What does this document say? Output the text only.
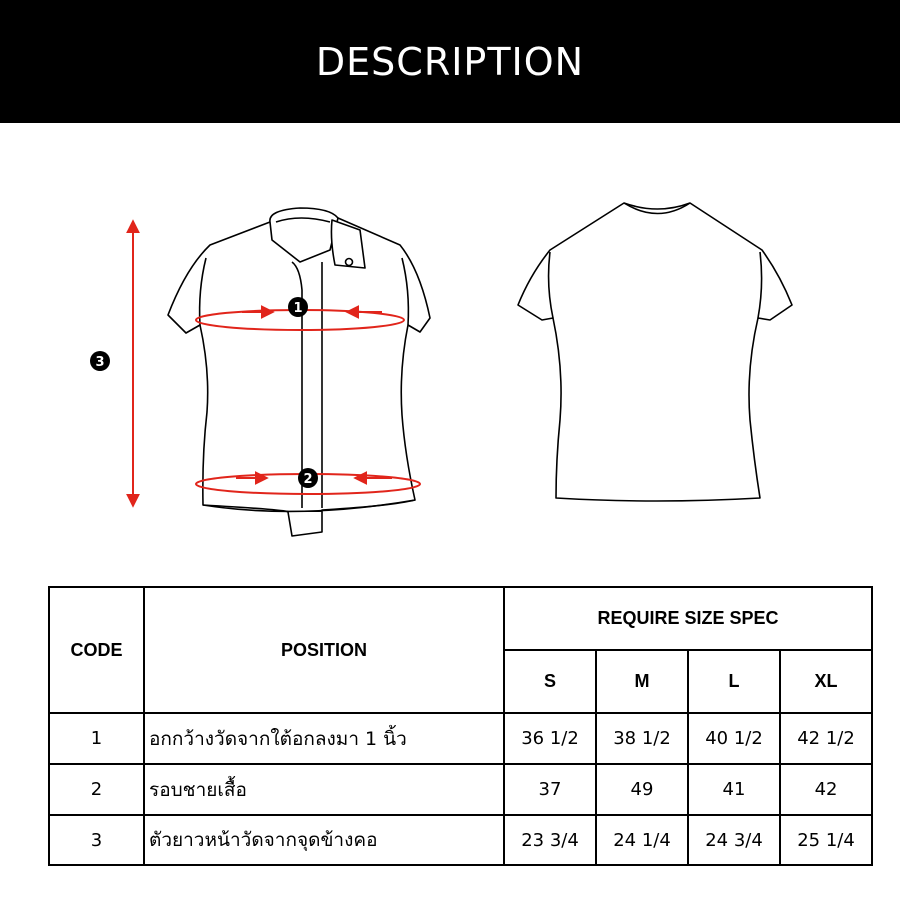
DESCRIPTION
1
2
3
CODE	POSITION	REQUIRE SIZE SPEC			
		S	M	L	XL
1	อกกว้างวัดจากใต้อกลงมา 1 นิ้ว	36 1/2	38 1/2	40 1/2	42 1/2
2	รอบชายเสื้อ	37	49	41	42
3	ตัวยาวหน้าวัดจากจุดข้างคอ	23 3/4	24 1/4	24 3/4	25 1/4
